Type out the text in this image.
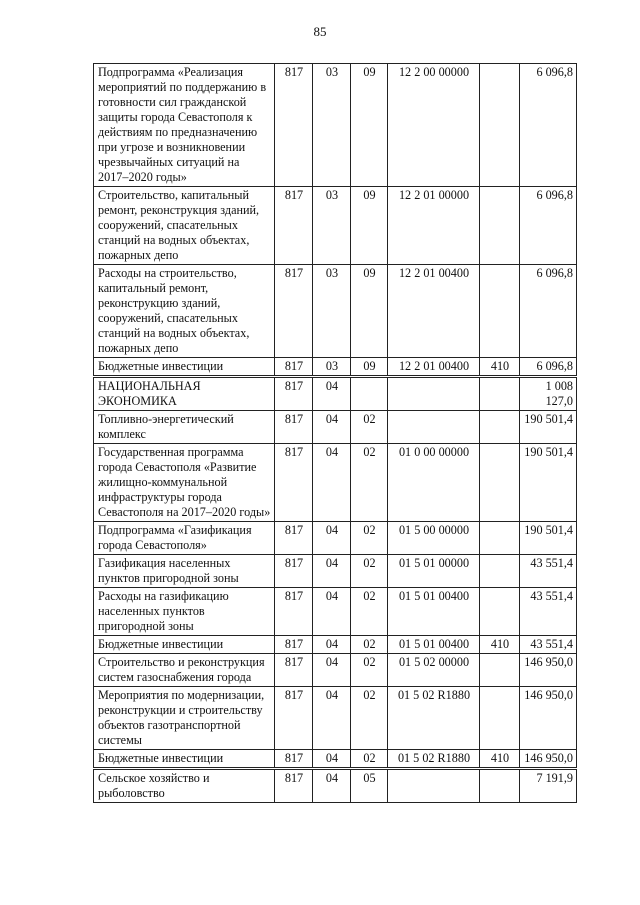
85
Подпрограмма «Реализация мероприятий по поддержанию в готовности сил гражданской защиты города Севастополя к действиям по предназначению при угрозе и возникновении чрезвычайных ситуаций на 2017–2020 годы»	817	03	09	12 2 00 00000		6 096,8
Строительство, капитальный ремонт, реконструкция зданий, сооружений, спасательных станций на водных объектах, пожарных депо	817	03	09	12 2 01 00000		6 096,8
Расходы на строительство, капитальный ремонт, реконструкцию зданий, сооружений, спасательных станций на водных объектах, пожарных депо	817	03	09	12 2 01 00400		6 096,8
Бюджетные инвестиции	817	03	09	12 2 01 00400	410	6 096,8
НАЦИОНАЛЬНАЯ ЭКОНОМИКА	817	04				1 008 127,0
Топливно-энергетический комплекс	817	04	02			190 501,4
Государственная программа города Севастополя «Развитие жилищно-коммунальной инфраструктуры города Севастополя на 2017–2020 годы»	817	04	02	01 0 00 00000		190 501,4
Подпрограмма «Газификация города Севастополя»	817	04	02	01 5 00 00000		190 501,4
Газификация населенных пунктов пригородной зоны	817	04	02	01 5 01 00000		43 551,4
Расходы на газификацию населенных пунктов пригородной зоны	817	04	02	01 5 01 00400		43 551,4
Бюджетные инвестиции	817	04	02	01 5 01 00400	410	43 551,4
Строительство и реконструкция систем газоснабжения города	817	04	02	01 5 02 00000		146 950,0
Мероприятия по модернизации, реконструкции и строительству объектов газотранспортной системы	817	04	02	01 5 02 R1880		146 950,0
Бюджетные инвестиции	817	04	02	01 5 02 R1880	410	146 950,0
Сельское хозяйство и рыболовство	817	04	05			7 191,9
